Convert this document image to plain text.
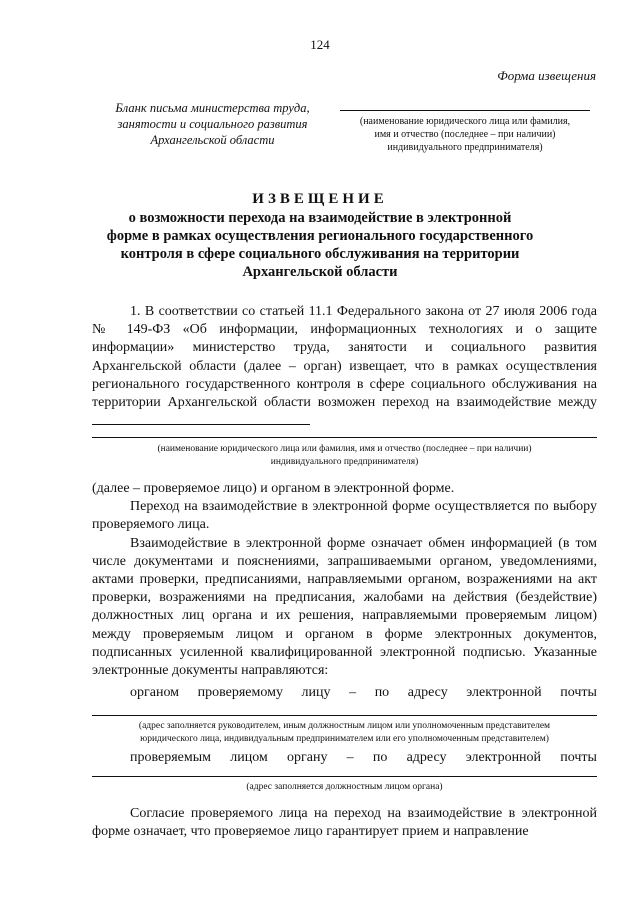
124
Форма извещения
Бланк письма министерства труда,
занятости и социального развития
Архангельской области
(наименование юридического лица или фамилия,
имя и отчество (последнее – при наличии)
индивидуального предпринимателя)
ИЗВЕЩЕНИЕ
о возможности перехода на взаимодействие в электронной
форме в рамках осуществления регионального государственного
контроля в сфере социального обслуживания на территории
Архангельской области

1. В соответствии со статьей 11.1 Федерального закона от 27 июля 2006 года № 149-ФЗ «Об информации, информационных технологиях и о защите информации» министерство труда, занятости и социального развития Архангельской области (далее – орган) извещает, что в рамках осуществления регионального государственного контроля в сфере социального обслуживания на территории Архангельской области возможен переход на взаимодействие между

(наименование юридического лица или фамилия, имя и отчество (последнее – при наличии)
индивидуального предпринимателя)

(далее – проверяемое лицо) и органом в электронной форме.

Переход на взаимодействие в электронной форме осуществляется по выбору проверяемого лица.

Взаимодействие в электронной форме означает обмен информацией (в том числе документами и пояснениями, запрашиваемыми органом, уведомлениями, актами проверки, предписаниями, направляемыми органом, возражениями на акт проверки, возражениями на предписания, жалобами на действия (бездействие) должностных лиц органа и их решения, направляемыми проверяемым лицом) между проверяемым лицом и органом в форме электронных документов, подписанных усиленной квалифицированной электронной подписью. Указанные электронные документы направляются:

органом проверяемому лицу – по адресу электронной почты
(адрес заполняется руководителем, иным должностным лицом или уполномоченным представителем
юридического лица, индивидуальным предпринимателем или его уполномоченным представителем)
проверяемым лицом органу – по адресу электронной почты
(адрес заполняется должностным лицом органа)

Согласие проверяемого лица на переход на взаимодействие в электронной форме означает, что проверяемое лицо гарантирует прием и направление
